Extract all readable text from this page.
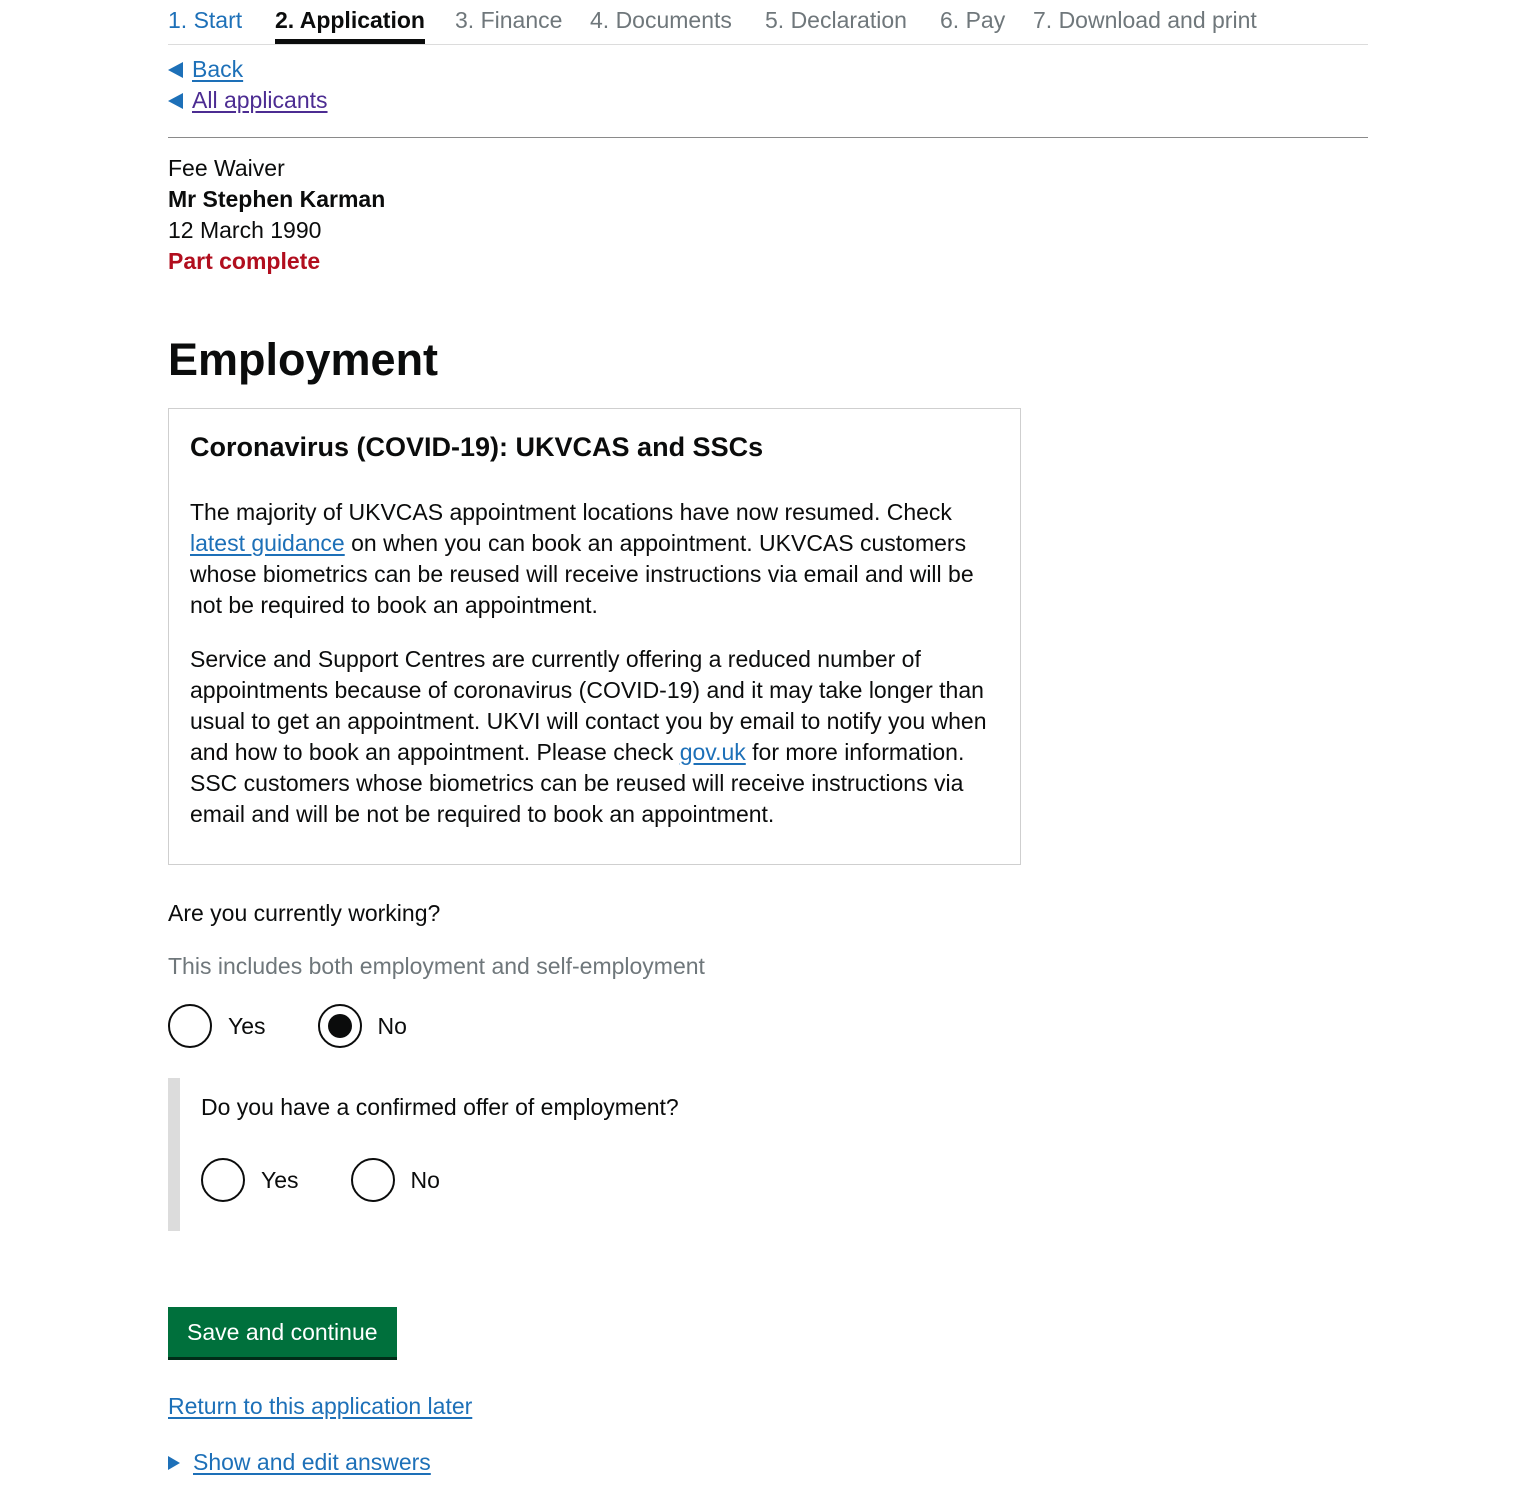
1. Start 2. Application 3. Finance 4. Documents 5. Declaration 6. Pay 7. Download and print
Back
All applicants
Fee Waiver
Mr Stephen Karman
12 March 1990
Part complete
Employment
Coronavirus (COVID-19): UKVCAS and SSCs

The majority of UKVCAS appointment locations have now resumed. Check latest guidance on when you can book an appointment. UKVCAS customers whose biometrics can be reused will receive instructions via email and will be not be required to book an appointment.

Service and Support Centres are currently offering a reduced number of appointments because of coronavirus (COVID-19) and it may take longer than usual to get an appointment. UKVI will contact you by email to notify you when and how to book an appointment. Please check gov.uk for more information. SSC customers whose biometrics can be reused will receive instructions via email and will be not be required to book an appointment.

Are you currently working?
This includes both employment and self-employment
Yes	No
Do you have a confirmed offer of employment?
Yes	No
Save and continue
Return to this application later
Show and edit answers
